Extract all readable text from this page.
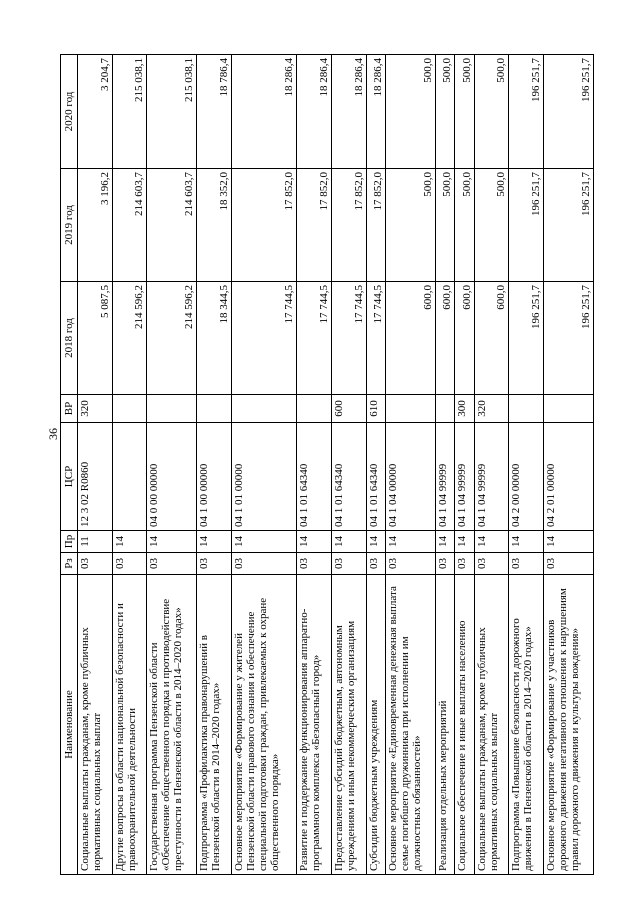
36
Наименование	Рз	Пр	ЦСР	ВР	2018 год	2019 год	2020 год
Социальные выплаты гражданам, кроме публичных нормативных социальных выплат	03	11	12 3 02 R0860	320	5 087,5	3 196,2	3 204,7
Другие вопросы в области национальной безопасности и правоохранительной деятельности	03	14			214 596,2	214 603,7	215 038,1
Государственная программа Пензенской области «Обеспечение общественного порядка и противодействие преступности в Пензенской области в 2014–2020 годах»	03	14	04 0 00 00000		214 596,2	214 603,7	215 038,1
Подпрограмма «Профилактика правонарушений в Пензенской области в 2014–2020 годах»	03	14	04 1 00 00000		18 344,5	18 352,0	18 786,4
Основное мероприятие «Формирование у жителей Пензенской области правового сознания и обеспечение специальной подготовки граждан, привлекаемых к охране общественного порядка»	03	14	04 1 01 00000		17 744,5	17 852,0	18 286,4
Развитие и поддержание функционирования аппаратно-программного комплекса «Безопасный город»	03	14	04 1 01 64340		17 744,5	17 852,0	18 286,4
Предоставление субсидий бюджетным, автономным учреждениям и иным некоммерческим организациям	03	14	04 1 01 64340	600	17 744,5	17 852,0	18 286,4
Субсидии бюджетным учреждениям	03	14	04 1 01 64340	610	17 744,5	17 852,0	18 286,4
Основное мероприятие «Единовременная денежная выплата семье погибшего дружинника при исполнении им должностных обязанностей»	03	14	04 1 04 00000		600,0	500,0	500,0
Реализация отдельных мероприятий	03	14	04 1 04 99999		600,0	500,0	500,0
Социальное обеспечение и иные выплаты населению	03	14	04 1 04 99999	300	600,0	500,0	500,0
Социальные выплаты гражданам, кроме публичных нормативных социальных выплат	03	14	04 1 04 99999	320	600,0	500,0	500,0
Подпрограмма «Повышение безопасности дорожного движения в Пензенской области в 2014–2020 годах»	03	14	04 2 00 00000		196 251,7	196 251,7	196 251,7
Основное мероприятие «Формирование у участников дорожного движения негативного отношения к нарушениям правил дорожного движения и культуры вождения»	03	14	04 2 01 00000		196 251,7	196 251,7	196 251,7
